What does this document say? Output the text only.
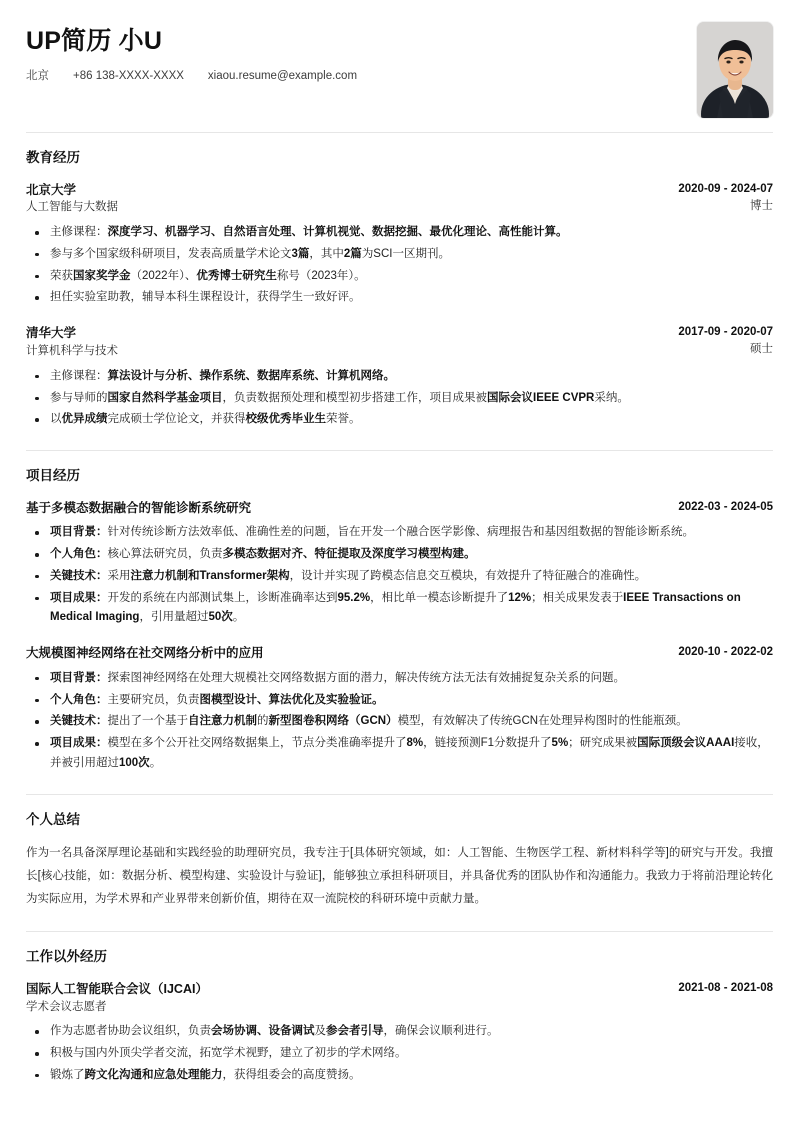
UP简历 小U
北京 +86 138-XXXX-XXXX xiaou.resume@example.com
教育经历
北京大学
人工智能与大数据
2020-09 - 2024-07
博士
主修课程：深度学习、机器学习、自然语言处理、计算机视觉、数据挖掘、最优化理论、高性能计算。
参与多个国家级科研项目，发表高质量学术论文3篇，其中2篇为SCI一区期刊。
荣获国家奖学金（2022年）、优秀博士研究生称号（2023年）。
担任实验室助教，辅导本科生课程设计，获得学生一致好评。
清华大学
计算机科学与技术
2017-09 - 2020-07
硕士
主修课程：算法设计与分析、操作系统、数据库系统、计算机网络。
参与导师的国家自然科学基金项目，负责数据预处理和模型初步搭建工作，项目成果被国际会议IEEE CVPR采纳。
以优异成绩完成硕士学位论文，并获得校级优秀毕业生荣誉。
项目经历
基于多模态数据融合的智能诊断系统研究	2022-03 - 2024-05
项目背景：针对传统诊断方法效率低、准确性差的问题，旨在开发一个融合医学影像、病理报告和基因组数据的智能诊断系统。
个人角色：核心算法研究员，负责多模态数据对齐、特征提取及深度学习模型构建。
关键技术：采用注意力机制和Transformer架构，设计并实现了跨模态信息交互模块，有效提升了特征融合的准确性。
项目成果：开发的系统在内部测试集上，诊断准确率达到95.2%，相比单一模态诊断提升了12%；相关成果发表于IEEE Transactions on Medical Imaging，引用量超过50次。
大规模图神经网络在社交网络分析中的应用	2020-10 - 2022-02
项目背景：探索图神经网络在处理大规模社交网络数据方面的潜力，解决传统方法无法有效捕捉复杂关系的问题。
个人角色：主要研究员，负责图模型设计、算法优化及实验验证。
关键技术：提出了一个基于自注意力机制的新型图卷积网络（GCN）模型，有效解决了传统GCN在处理异构图时的性能瓶颈。
项目成果：模型在多个公开社交网络数据集上，节点分类准确率提升了8%，链接预测F1分数提升了5%；研究成果被国际顶级会议AAAI接收，并被引用超过100次。
个人总结

作为一名具备深厚理论基础和实践经验的助理研究员，我专注于[具体研究领域，如：人工智能、生物医学工程、新材料科学等]的研究与开发。我擅长[核心技能，如：数据分析、模型构建、实验设计与验证]，能够独立承担科研项目，并具备优秀的团队协作和沟通能力。我致力于将前沿理论转化为实际应用，为学术界和产业界带来创新价值，期待在双一流院校的科研环境中贡献力量。

工作以外经历
国际人工智能联合会议（IJCAI）
学术会议志愿者
2021-08 - 2021-08
作为志愿者协助会议组织，负责会场协调、设备调试及参会者引导，确保会议顺利进行。
积极与国内外顶尖学者交流，拓宽学术视野，建立了初步的学术网络。
锻炼了跨文化沟通和应急处理能力，获得组委会的高度赞扬。
